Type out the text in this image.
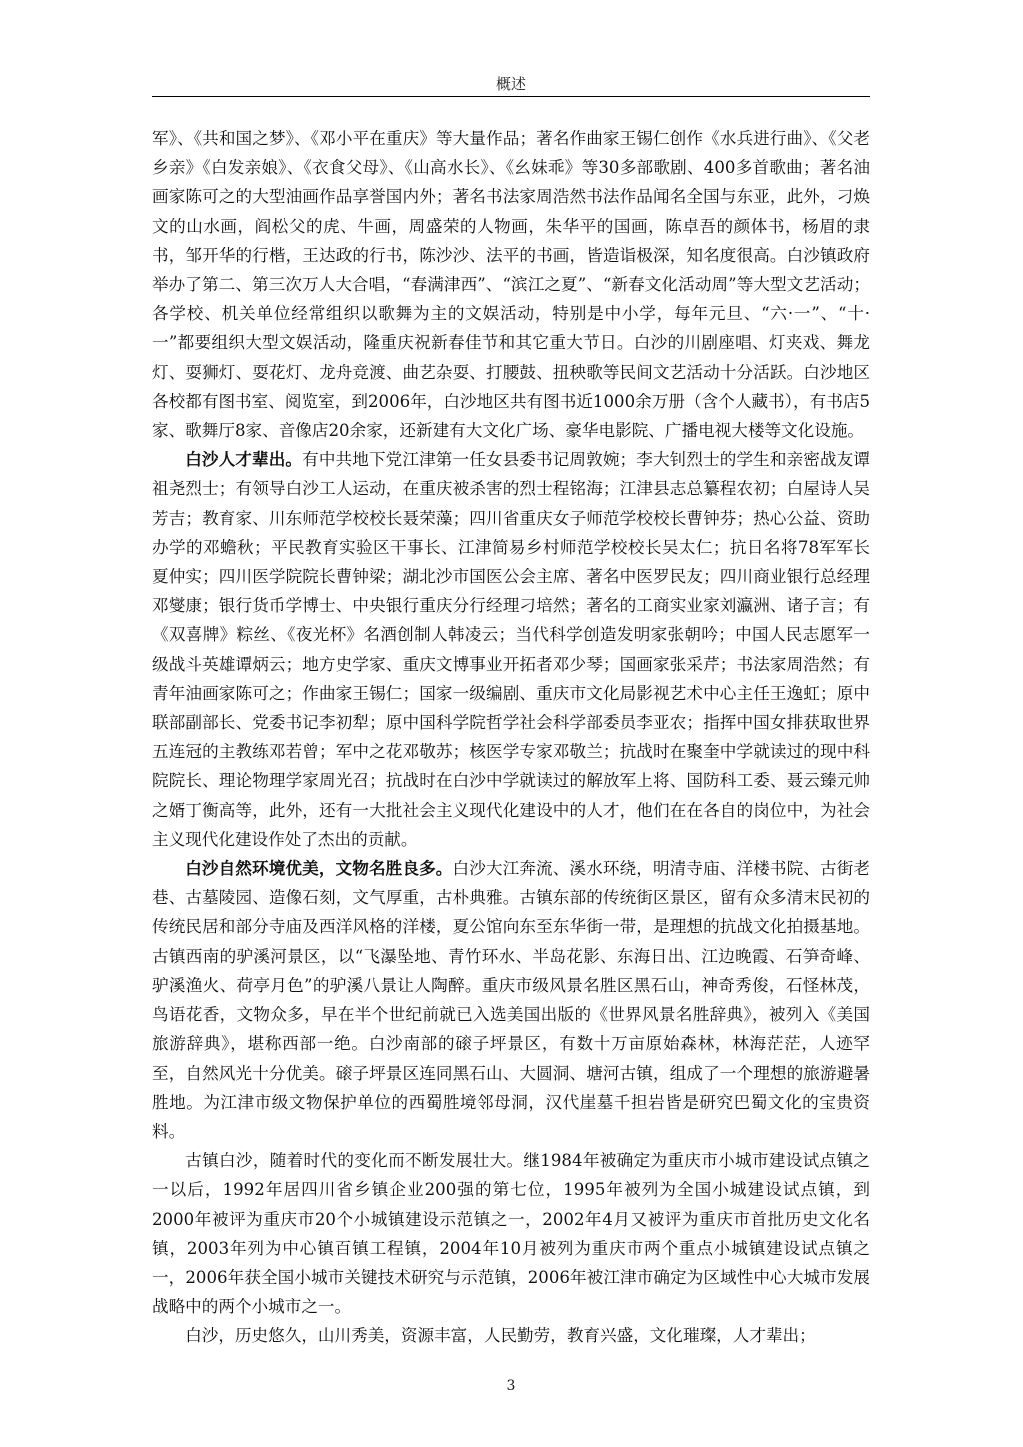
概述

军》、《共和国之梦》、《邓小平在重庆》等大量作品；著名作曲家王锡仁创作《水兵进行曲》、《父老乡亲》《白发亲娘》、《衣食父母》、《山高水长》、《幺妹乖》等30多部歌剧、400多首歌曲；著名油画家陈可之的大型油画作品享誉国内外；著名书法家周浩然书法作品闻名全国与东亚，此外，刁焕文的山水画，阎松父的虎、牛画，周盛荣的人物画，朱华平的国画，陈卓吾的颜体书，杨眉的隶书，邹开华的行楷，王达政的行书，陈沙沙、法平的书画，皆造诣极深，知名度很高。白沙镇政府举办了第二、第三次万人大合唱，“春满津西”、“滨江之夏”、“新春文化活动周”等大型文艺活动；各学校、机关单位经常组织以歌舞为主的文娱活动，特别是中小学，每年元旦、“六·一”、“十·一”都要组织大型文娱活动，隆重庆祝新春佳节和其它重大节日。白沙的川剧座唱、灯夹戏、舞龙灯、耍狮灯、耍花灯、龙舟竞渡、曲艺杂耍、打腰鼓、扭秧歌等民间文艺活动十分活跃。白沙地区各校都有图书室、阅览室，到2006年，白沙地区共有图书近1000余万册（含个人藏书），有书店5家、歌舞厅8家、音像店20余家，还新建有大文化广场、豪华电影院、广播电视大楼等文化设施。

白沙人才辈出。有中共地下党江津第一任女县委书记周敦婉；李大钊烈士的学生和亲密战友谭祖尧烈士；有领导白沙工人运动，在重庆被杀害的烈士程铭海；江津县志总纂程农初；白屋诗人吴芳吉；教育家、川东师范学校校长聂荣藻；四川省重庆女子师范学校校长曹钟芬；热心公益、资助办学的邓蟾秋；平民教育实验区干事长、江津简易乡村师范学校校长吴太仁；抗日名将78军军长夏仲实；四川医学院院长曹钟梁；湖北沙市国医公会主席、著名中医罗民友；四川商业银行总经理邓燮康；银行货币学博士、中央银行重庆分行经理刁培然；著名的工商实业家刘瀛洲、诸子言；有《双喜牌》粽丝、《夜光杯》名酒创制人韩凌云；当代科学创造发明家张朝吟；中国人民志愿军一级战斗英雄谭炳云；地方史学家、重庆文博事业开拓者邓少琴；国画家张采芹；书法家周浩然；有青年油画家陈可之；作曲家王锡仁；国家一级编剧、重庆市文化局影视艺术中心主任王逸虹；原中联部副部长、党委书记李初犁；原中国科学院哲学社会科学部委员李亚农；指挥中国女排获取世界五连冠的主教练邓若曾；军中之花邓敬苏；核医学专家邓敬兰；抗战时在聚奎中学就读过的现中科院院长、理论物理学家周光召；抗战时在白沙中学就读过的解放军上将、国防科工委、聂云臻元帅之婿丁衡高等，此外，还有一大批社会主义现代化建设中的人才，他们在在各自的岗位中，为社会主义现代化建设作处了杰出的贡献。

白沙自然环境优美，文物名胜良多。白沙大江奔流、溪水环绕，明清寺庙、洋楼书院、古街老巷、古墓陵园、造像石刻，文气厚重，古朴典雅。古镇东部的传统街区景区，留有众多清末民初的传统民居和部分寺庙及西洋风格的洋楼，夏公馆向东至东华街一带，是理想的抗战文化拍摄基地。古镇西南的驴溪河景区，以“飞瀑坠地、青竹环水、半岛花影、东海日出、江边晚霞、石笋奇峰、驴溪渔火、荷亭月色”的驴溪八景让人陶醉。重庆市级风景名胜区黑石山，神奇秀俊，石怪林茂，鸟语花香，文物众多，早在半个世纪前就已入选美国出版的《世界风景名胜辞典》，被列入《美国旅游辞典》，堪称西部一绝。白沙南部的磙子坪景区，有数十万亩原始森林，林海茫茫，人迹罕至，自然风光十分优美。磙子坪景区连同黑石山、大圆洞、塘河古镇，组成了一个理想的旅游避暑胜地。为江津市级文物保护单位的西蜀胜境邻母洞，汉代崖墓千担岩皆是研究巴蜀文化的宝贵资料。

古镇白沙，随着时代的变化而不断发展壮大。继1984年被确定为重庆市小城市建设试点镇之一以后，1992年居四川省乡镇企业200强的第七位，1995年被列为全国小城建设试点镇，到2000年被评为重庆市20个小城镇建设示范镇之一，2002年4月又被评为重庆市首批历史文化名镇，2003年列为中心镇百镇工程镇，2004年10月被列为重庆市两个重点小城镇建设试点镇之一，2006年获全国小城市关键技术研究与示范镇，2006年被江津市确定为区域性中心大城市发展战略中的两个小城市之一。

白沙，历史悠久，山川秀美，资源丰富，人民勤劳，教育兴盛，文化璀璨，人才辈出；

3
